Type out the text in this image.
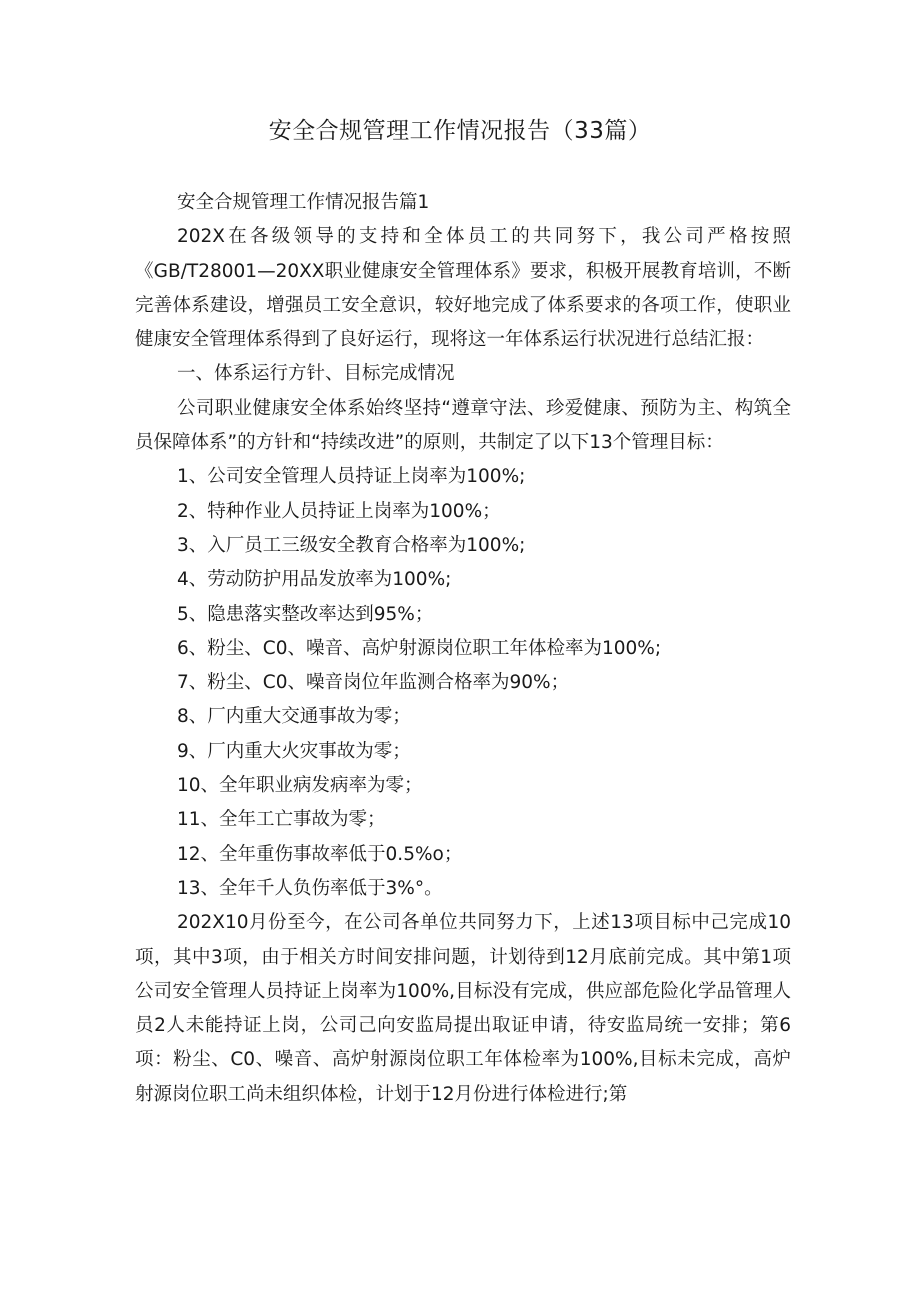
安全合规管理工作情况报告（33篇）

安全合规管理工作情况报告篇1

202X在各级领导的支持和全体员工的共同努下，我公司严格按照《GB/T28001—20XX职业健康安全管理体系》要求，积极开展教育培训，不断完善体系建设，增强员工安全意识，较好地完成了体系要求的各项工作，使职业健康安全管理体系得到了良好运行，现将这一年体系运行状况进行总结汇报：

一、体系运行方针、目标完成情况

公司职业健康安全体系始终坚持“遵章守法、珍爱健康、预防为主、构筑全员保障体系”的方针和“持续改进”的原则，共制定了以下13个管理目标：

1、公司安全管理人员持证上岗率为100%;

2、特种作业人员持证上岗率为100%；

3、入厂员工三级安全教育合格率为100%;

4、劳动防护用品发放率为100%;

5、隐患落实整改率达到95%；

6、粉尘、C0、噪音、高炉射源岗位职工年体检率为100%;

7、粉尘、C0、噪音岗位年监测合格率为90%；

8、厂内重大交通事故为零；

9、厂内重大火灾事故为零；

10、全年职业病发病率为零；

11、全年工亡事故为零；

12、全年重伤事故率低于0.5%o；

13、全年千人负伤率低于3%°。

202X10月份至今，在公司各单位共同努力下，上述13项目标中己完成10项，其中3项，由于相关方时间安排问题，计划待到12月底前完成。其中第1项公司安全管理人员持证上岗率为100%,目标没有完成，供应部危险化学品管理人员2人未能持证上岗，公司己向安监局提出取证申请，待安监局统一安排；第6项：粉尘、C0、噪音、高炉射源岗位职工年体检率为100%,目标未完成，高炉射源岗位职工尚未组织体检，计划于12月份进行体检进行;第
